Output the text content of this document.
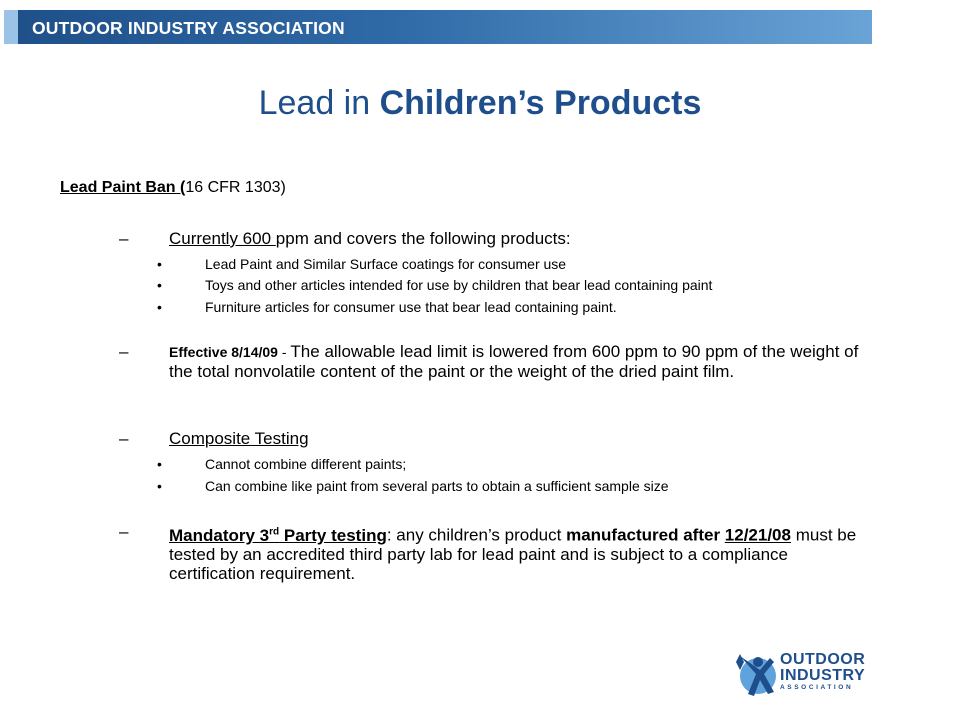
OUTDOOR INDUSTRY ASSOCIATION
Lead in Children’s Products
Lead Paint Ban (16 CFR 1303)
– Currently 600 ppm and covers the following products:
•	Lead Paint and Similar Surface coatings for consumer use
•	Toys and other articles intended for use by children that bear lead containing paint
•	Furniture articles for consumer use that bear lead containing paint.
–	Effective 8/14/09 - The allowable lead limit is lowered from 600 ppm to 90 ppm of the weight of the total nonvolatile content of the paint or the weight of the dried paint film.
– Composite Testing
•	Cannot combine different paints;
•	Can combine like paint from several parts to obtain a sufficient sample size
– Mandatory 3rd Party testing: any children’s product manufactured after 12/21/08 must be tested by an accredited third party lab for lead paint and is subject to a compliance certification requirement.
OUTDOOR
INDUSTRY
ASSOCIATION
